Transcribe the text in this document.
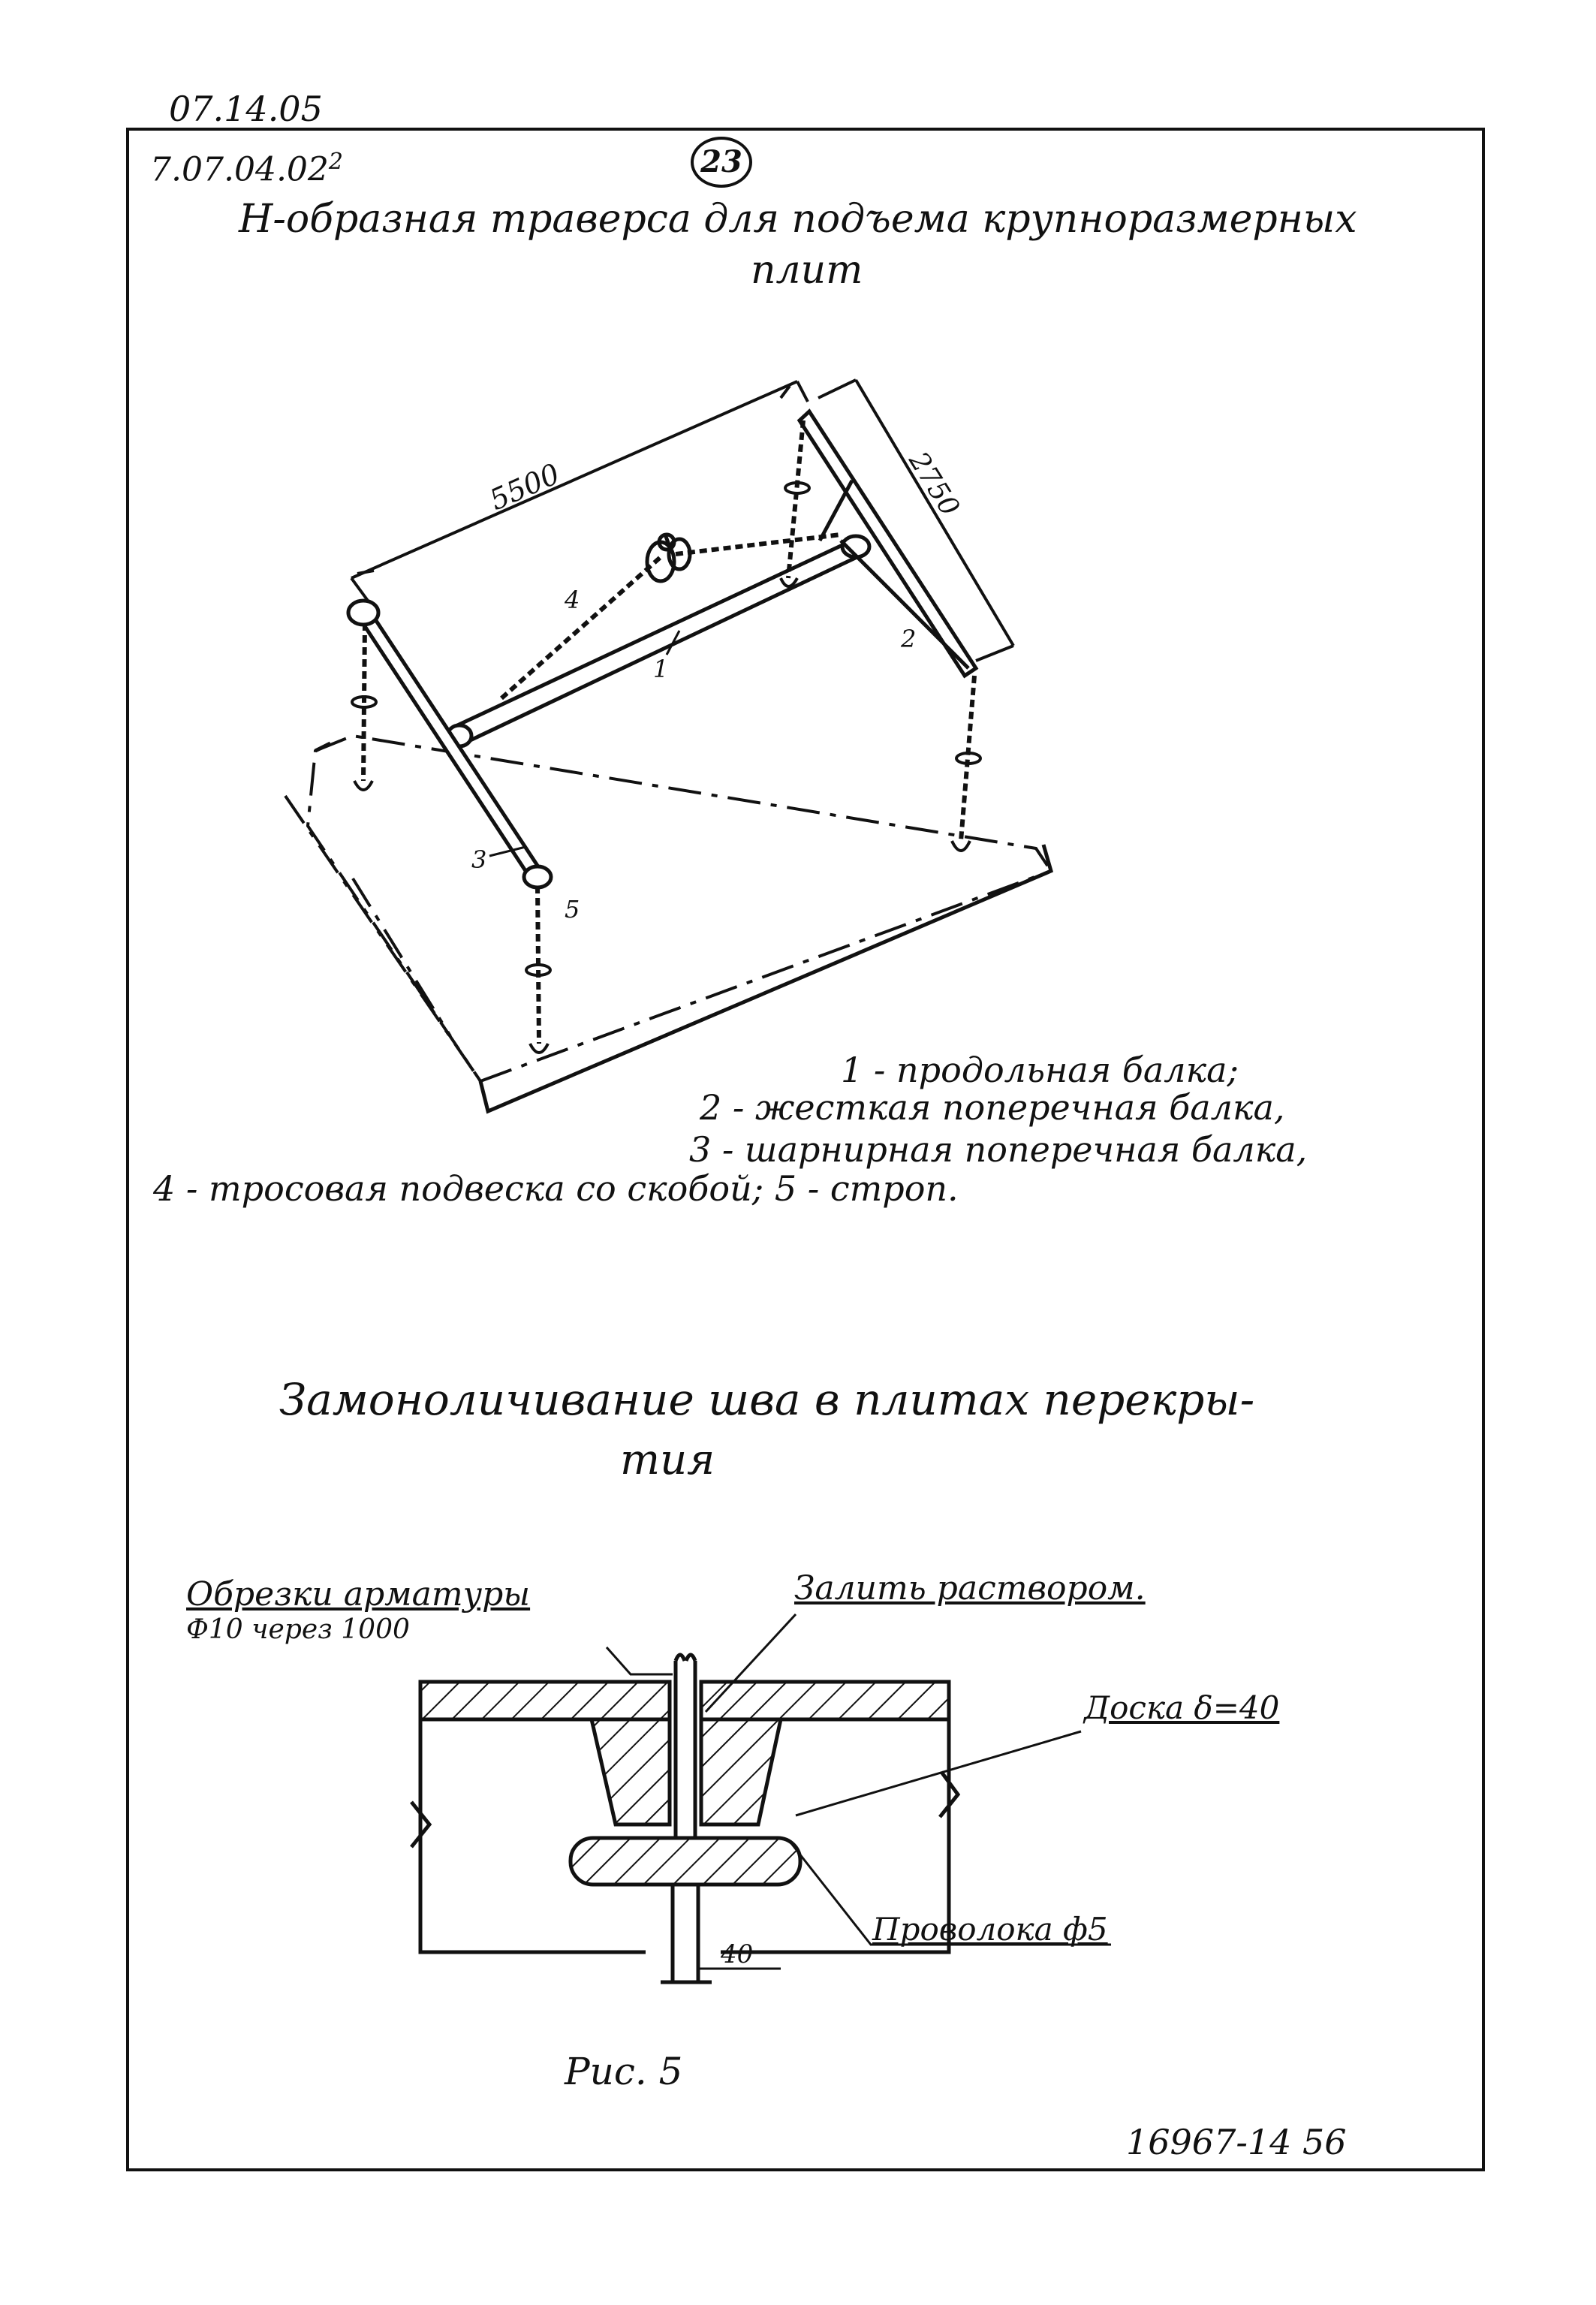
07.14.05
7.07.04.02$^2$	23
Н-образная траверса для подъема крупноразмерных
плит
5500	2750
1
2
3
4
5
1 - продольная балка;
2 - жесткая поперечная балка,
3 - шарнирная поперечная балка,
4 - тросовая подвеска со скобой; 5 - строп.
Замоноличивание шва в плитах перекры-
тия
Обрезки арматуры
Ф10 через 1000
Залить раствором.
Доска δ=40
Проволока ф5
40
Рис. 5
16967-14 56
